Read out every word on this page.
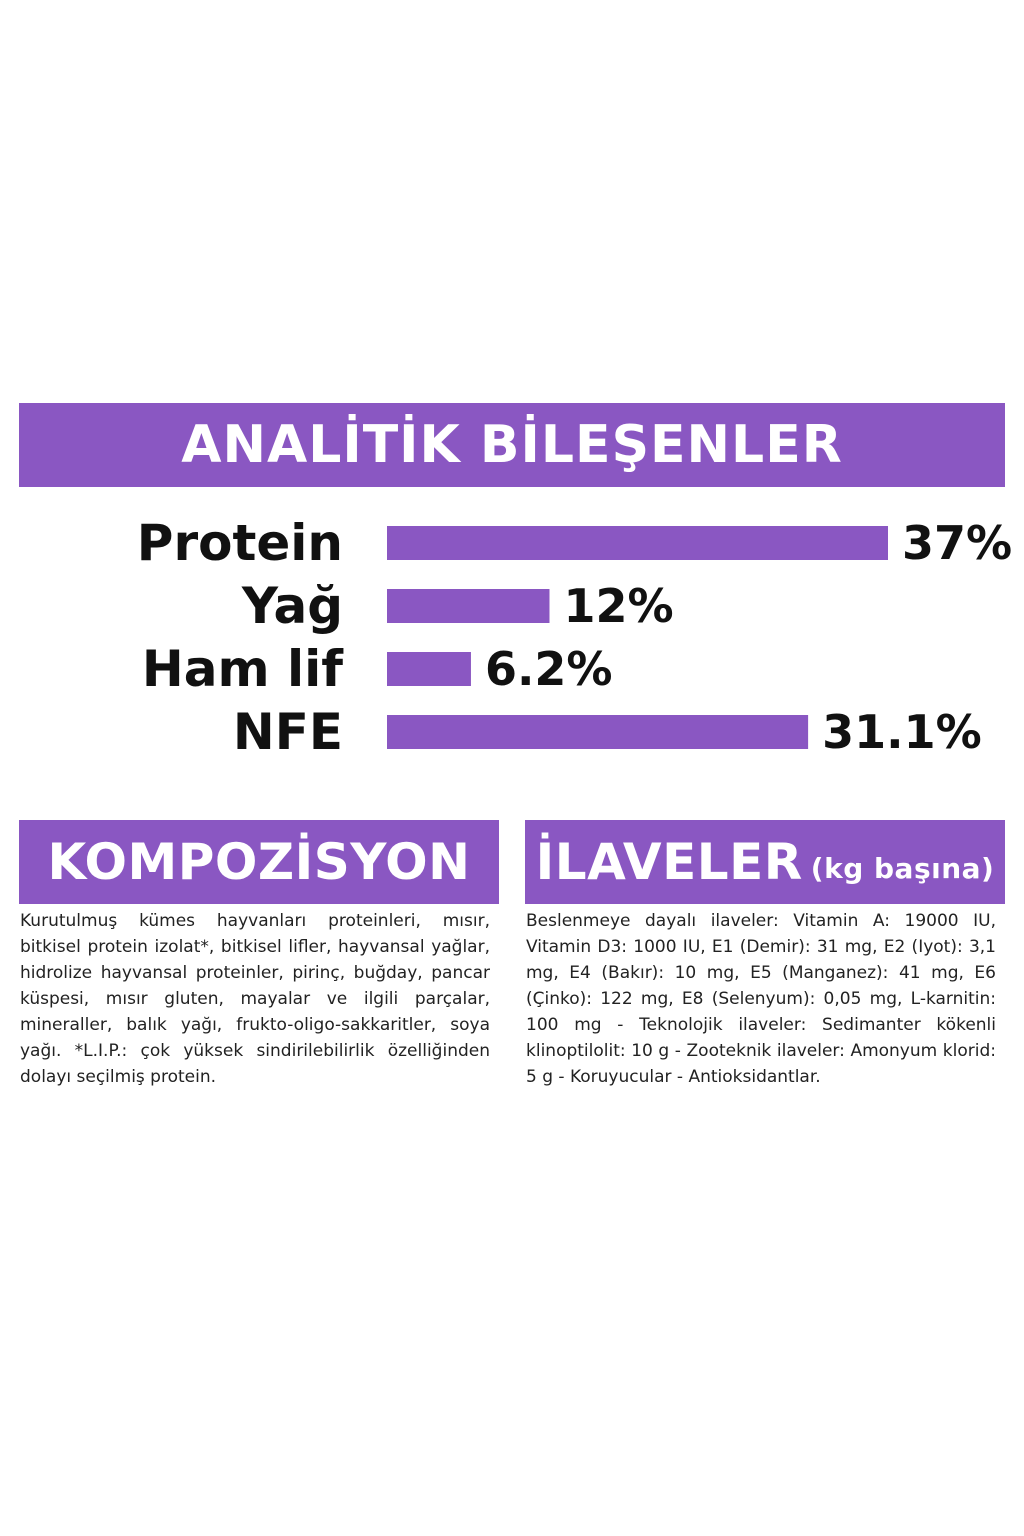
ANALİTİK BİLEŞENLER
Protein	37%
Yağ	12%
Ham lif	6.2%
NFE	31.1%
KOMPOZİSYON İLAVELER (kg başına)

Kurutulmuş kümes hayvanları proteinleri, mısır, bitkisel protein izolat*, bitkisel lifler, hayvansal yağlar, hidrolize hayvansal proteinler, pirinç, buğday, pancar küspesi, mısır gluten, mayalar ve ilgili parçalar, mineraller, balık yağı, frukto-oligo-sakkaritler, soya yağı. *L.I.P.: çok yüksek sindirilebilirlik özelliğinden dolayı seçilmiş protein.

Beslenmeye dayalı ilaveler: Vitamin A: 19000 IU, Vitamin D3: 1000 IU, E1 (Demir): 31 mg, E2 (Iyot): 3,1 mg, E4 (Bakır): 10 mg, E5 (Manganez): 41 mg, E6 (Çinko): 122 mg, E8 (Selenyum): 0,05 mg, L-karnitin: 100 mg - Teknolojik ilaveler: Sedimanter kökenli klinoptilolit: 10 g - Zooteknik ilaveler: Amonyum klorid: 5 g - Koruyucular - Antioksidantlar.
